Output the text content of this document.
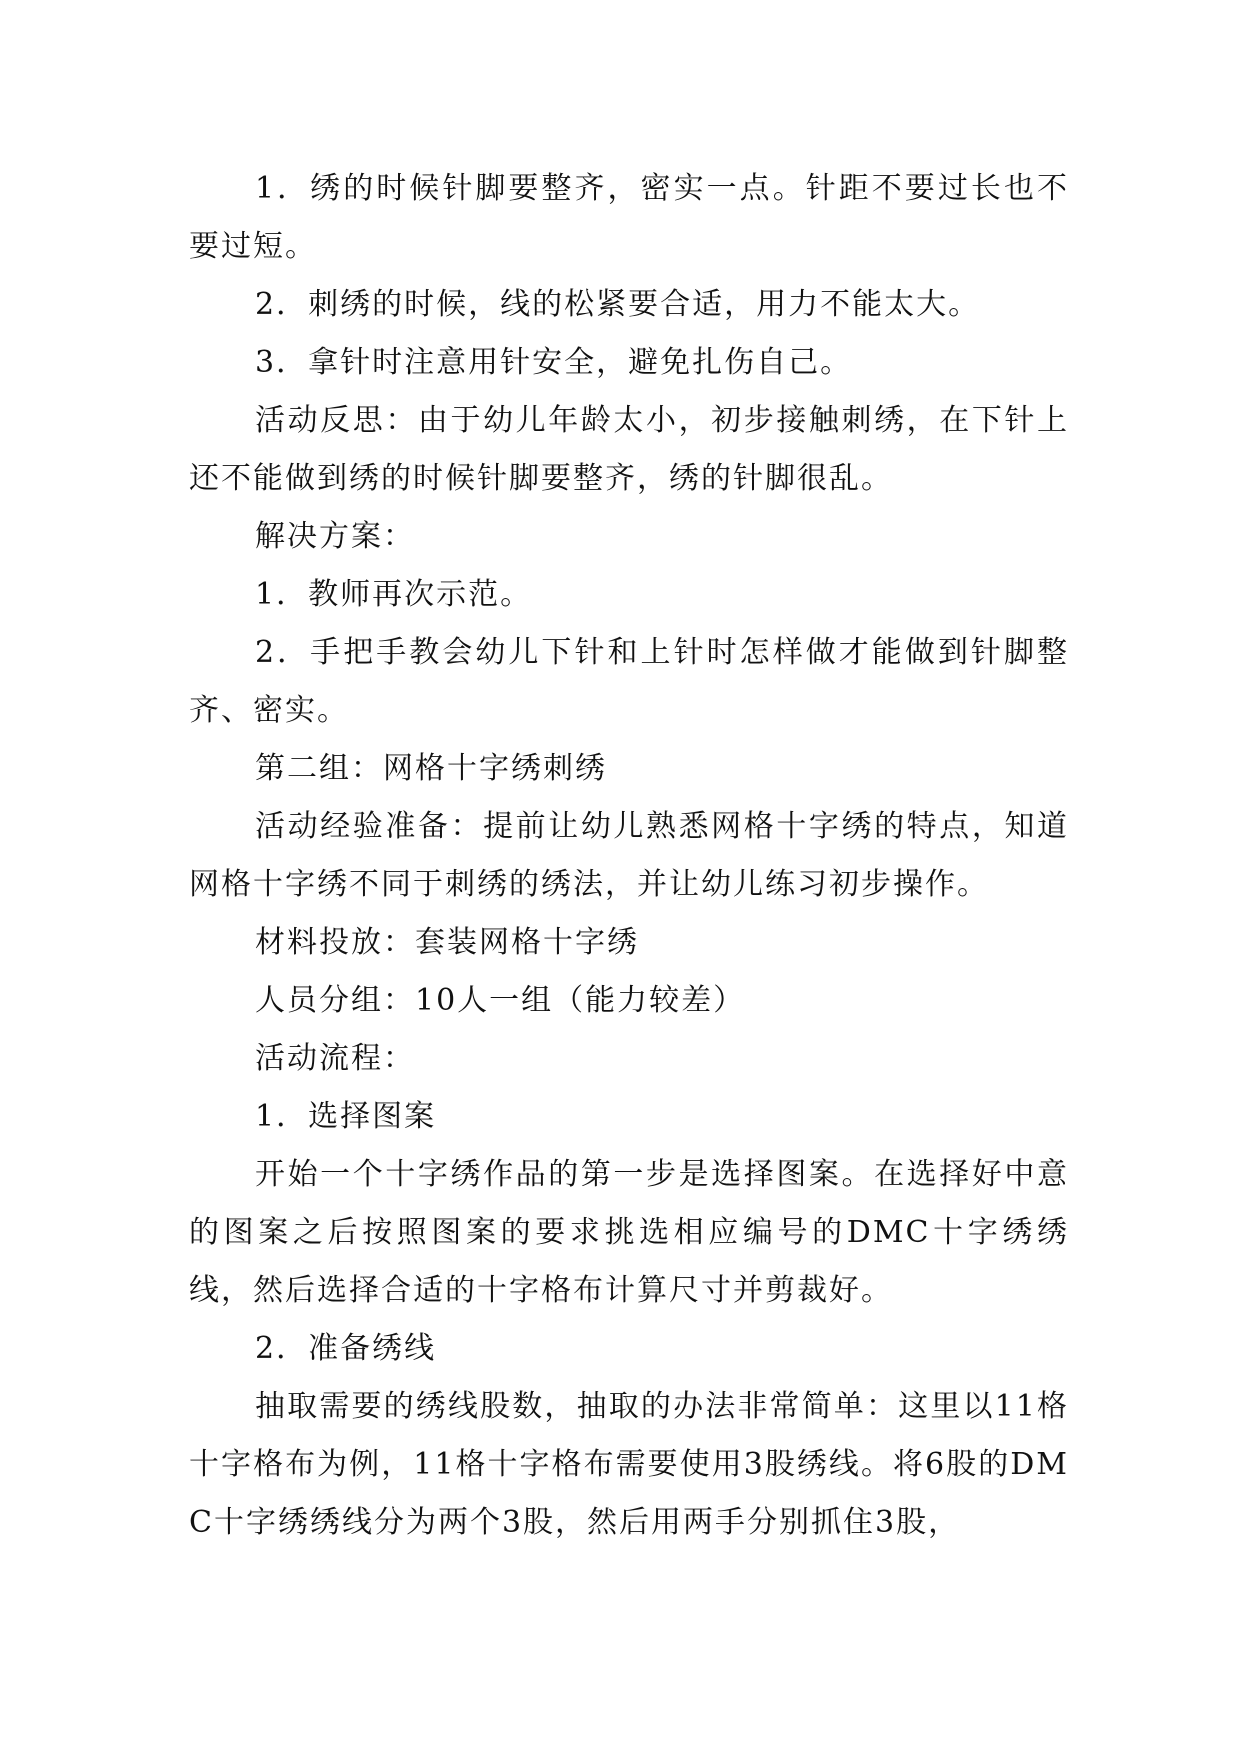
1．绣的时候针脚要整齐，密实一点。针距不要过长也不要过短。

2．刺绣的时候，线的松紧要合适，用力不能太大。

3．拿针时注意用针安全，避免扎伤自己。

活动反思：由于幼儿年龄太小，初步接触刺绣，在下针上还不能做到绣的时候针脚要整齐，绣的针脚很乱。

解决方案：

1．教师再次示范。

2．手把手教会幼儿下针和上针时怎样做才能做到针脚整齐、密实。

第二组：网格十字绣刺绣

活动经验准备：提前让幼儿熟悉网格十字绣的特点，知道网格十字绣不同于刺绣的绣法，并让幼儿练习初步操作。

材料投放：套装网格十字绣

人员分组：10人一组（能力较差）

活动流程：

1．选择图案

开始一个十字绣作品的第一步是选择图案。在选择好中意的图案之后按照图案的要求挑选相应编号的DMC十字绣绣线，然后选择合适的十字格布计算尺寸并剪裁好。

2．准备绣线

抽取需要的绣线股数，抽取的办法非常简单：这里以11格十字格布为例，11格十字格布需要使用3股绣线。将6股的DMC十字绣绣线分为两个3股，然后用两手分别抓住3股，
